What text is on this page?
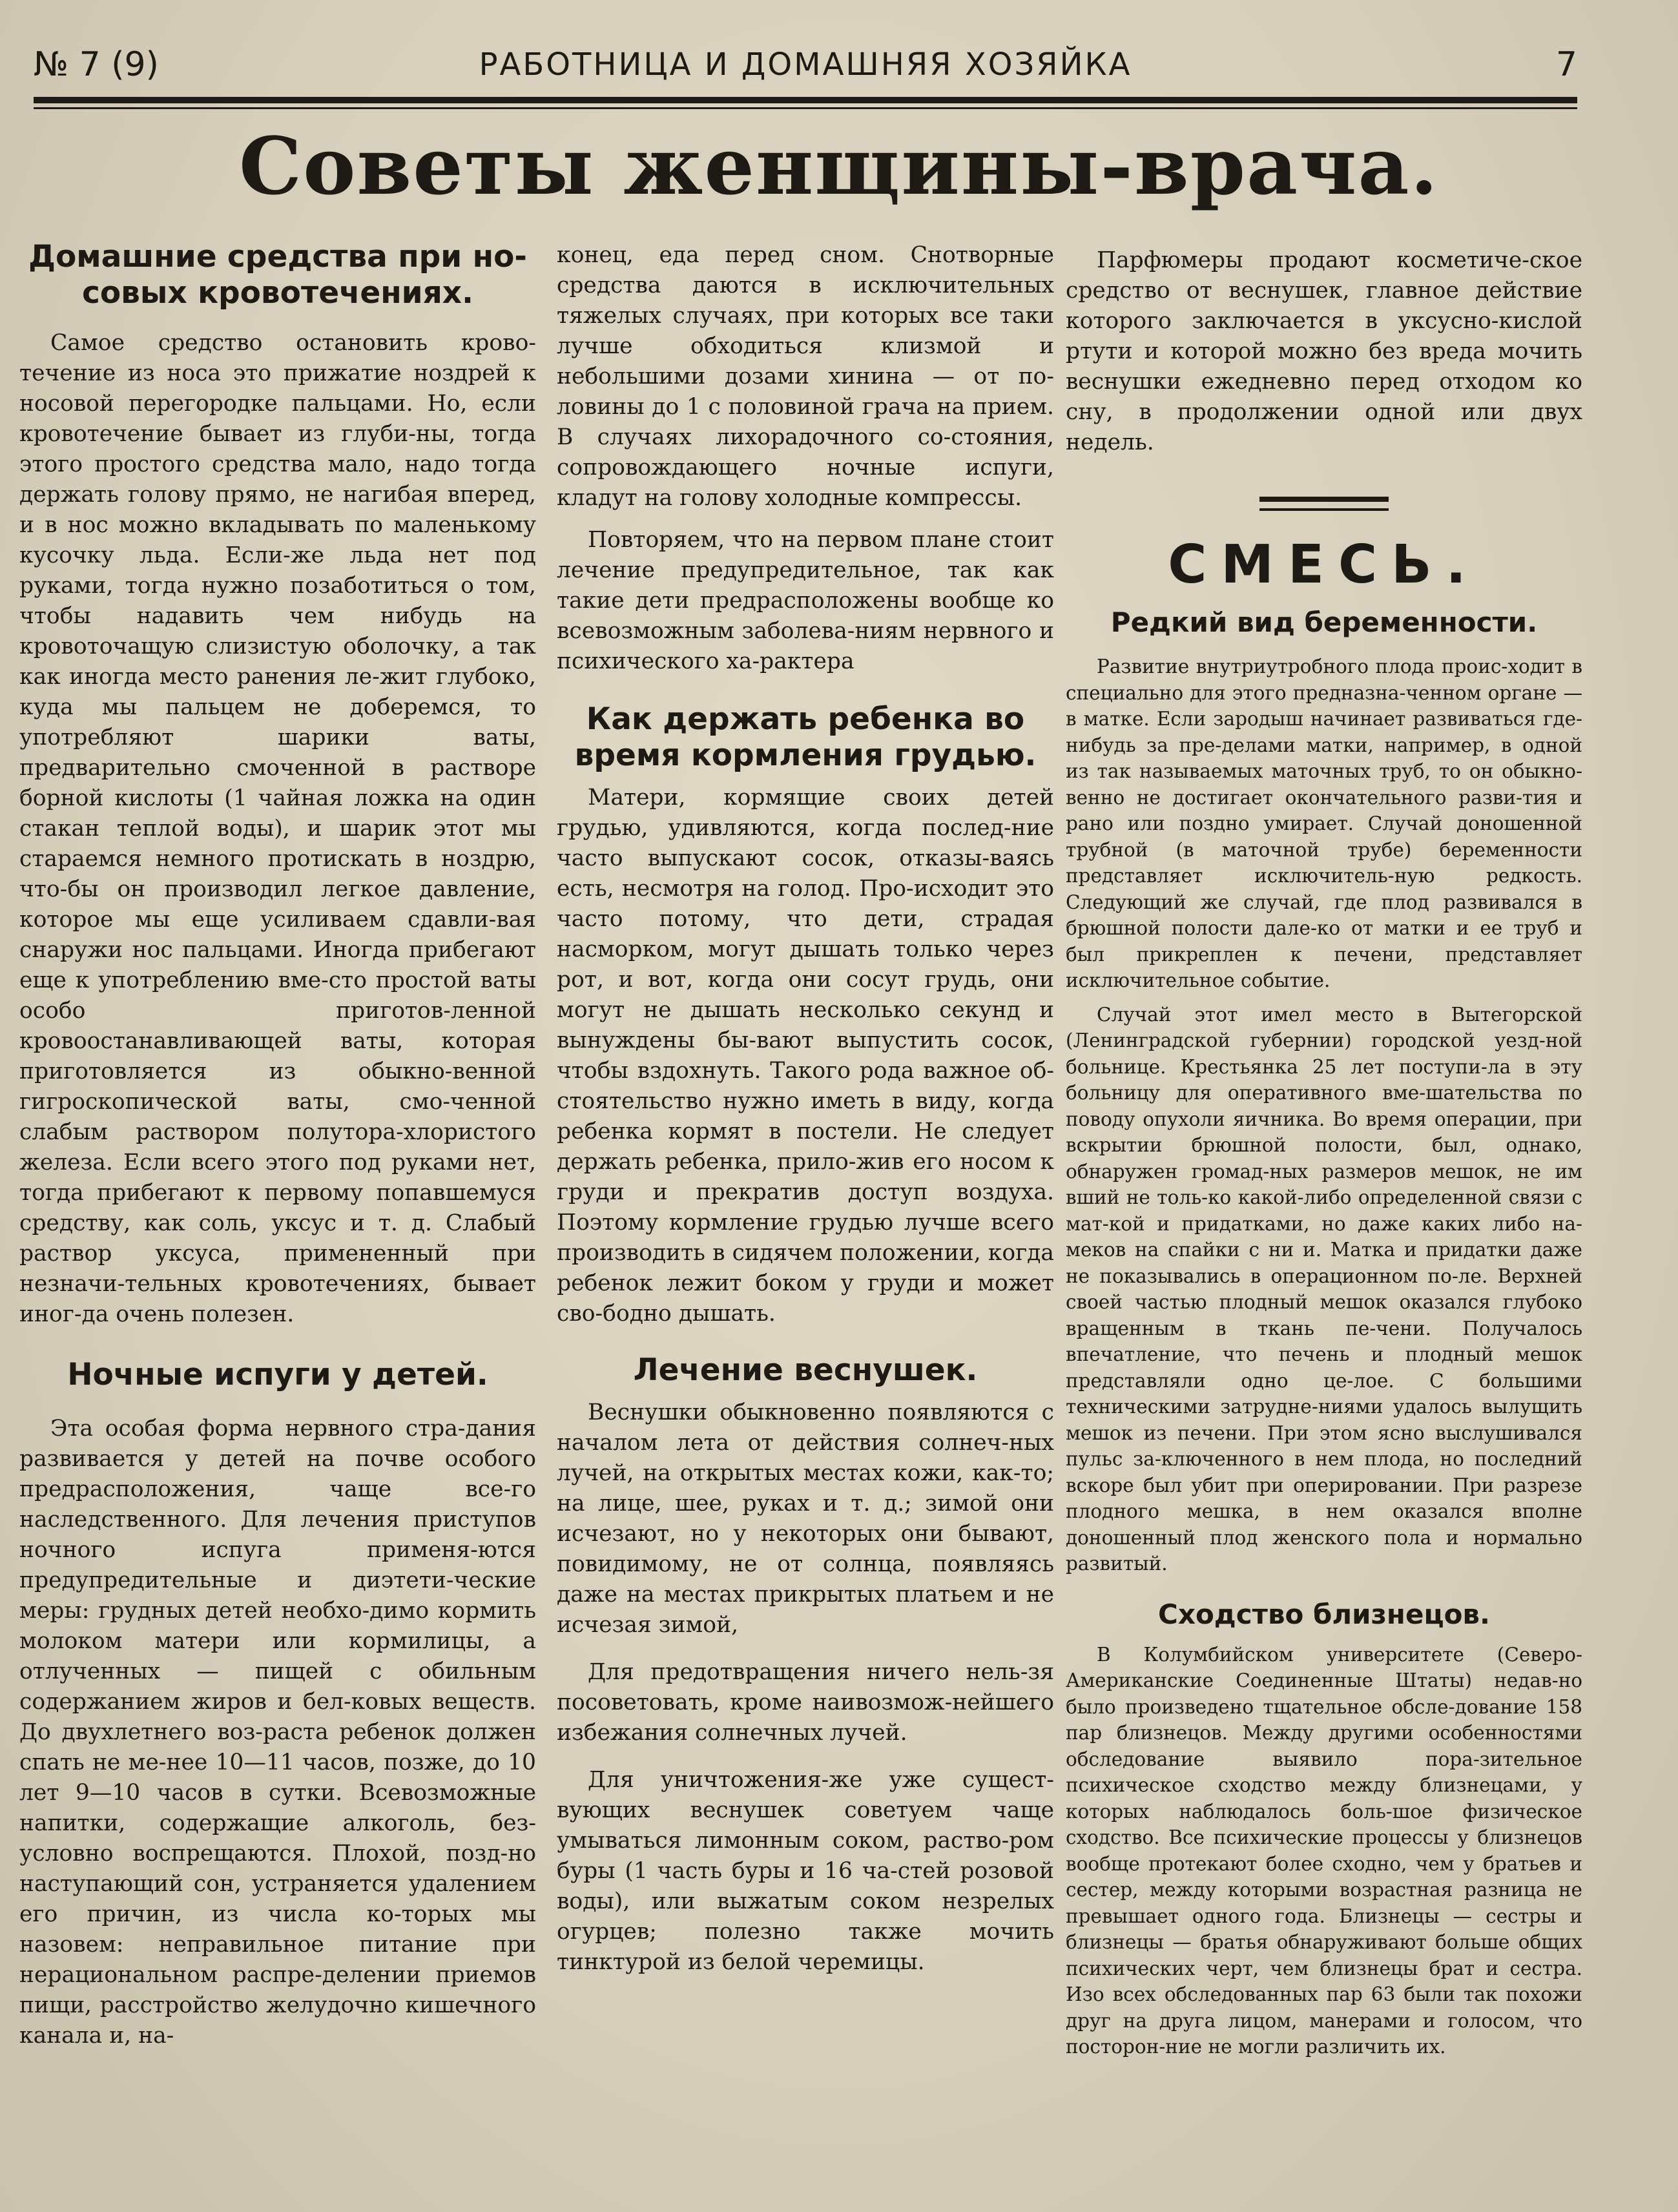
№ 7 (9)	РАБОТНИЦА И ДОМАШНЯЯ ХОЗЯЙКА	7
Советы женщины-врача.
Домашние средства при но-совых кровотечениях.

Самое средство остановить крово-течение из носа это прижатие ноздрей к носовой перегородке пальцами. Но, если кровотечение бывает из глуби-ны, тогда этого простого средства мало, надо тогда держать голову прямо, не нагибая вперед, и в нос можно вкладывать по маленькому кусочку льда. Если-же льда нет под руками, тогда нужно позаботиться о том, чтобы надавить чем нибудь на кровоточащую слизистую оболочку, а так как иногда место ранения ле-жит глубоко, куда мы пальцем не доберемся, то употребляют шарики ваты, предварительно смоченной в растворе борной кислоты (1 чайная ложка на один стакан теплой воды), и шарик этот мы стараемся немного протискать в ноздрю, что-бы он производил легкое давление, которое мы еще усиливаем сдавли-вая снаружи нос пальцами. Иногда прибегают еще к употреблению вме-сто простой ваты особо приготов-ленной кровоостанавливающей ваты, которая приготовляется из обыкно-венной гигроскопической ваты, смо-ченной слабым раствором полутора-хлористого железа. Если всего этого под руками нет, тогда прибегают к первому попавшемуся средству, как соль, уксус и т. д. Слабый раствор уксуса, примененный при незначи-тельных кровотечениях, бывает иног-да очень полезен.

Ночные испуги у детей.

Эта особая форма нервного стра-дания развивается у детей на почве особого предрасположения, чаще все-го наследственного. Для лечения приступов ночного испуга применя-ются предупредительные и диэтети-ческие меры: грудных детей необхо-димо кормить молоком матери или кормилицы, а отлученных — пищей с обильным содержанием жиров и бел-ковых веществ. До двухлетнего воз-раста ребенок должен спать не ме-нее 10—11 часов, позже, до 10 лет 9—10 часов в сутки. Всевозможные напитки, содержащие алкоголь, без-условно воспрещаются. Плохой, позд-но наступающий сон, устраняется удалением его причин, из числа ко-торых мы назовем: неправильное питание при нерациональном распре-делении приемов пищи, расстройство желудочно кишечного канала и, на-

конец, еда перед сном. Снотворные средства даются в исключительных тяжелых случаях, при которых все таки лучше обходиться клизмой и небольшими дозами хинина — от по-ловины до 1 с половиной грача на прием. В случаях лихорадочного со-стояния, сопровождающего ночные испуги, кладут на голову холодные компрессы.

Повторяем, что на первом плане стоит лечение предупредительное, так как такие дети предрасположены вообще ко всевозможным заболева-ниям нервного и психического ха-рактера

Как держать ребенка во время кормления грудью.

Матери, кормящие своих детей грудью, удивляются, когда послед-ние часто выпускают сосок, отказы-ваясь есть, несмотря на голод. Про-исходит это часто потому, что дети, страдая насморком, могут дышать только через рот, и вот, когда они сосут грудь, они могут не дышать несколько секунд и вынуждены бы-вают выпустить сосок, чтобы вздохнуть. Такого рода важное об-стоятельство нужно иметь в виду, когда ребенка кормят в постели. Не следует держать ребенка, прило-жив его носом к груди и прекратив доступ воздуха. Поэтому кормление грудью лучше всего производить в сидячем положении, когда ребенок лежит боком у груди и может сво-бодно дышать.

Лечение веснушек.

Веснушки обыкновенно появляются с началом лета от действия солнеч-ных лучей, на открытых местах кожи, как-то; на лице, шее, руках и т. д.; зимой они исчезают, но у некоторых они бывают, повидимому, не от солнца, появляясь даже на местах прикрытых платьем и не исчезая зимой,

Для предотвращения ничего нель-зя посоветовать, кроме наивозмож-нейшего избежания солнечных лучей.

Для уничтожения-же уже сущест-вующих веснушек советуем чаще умываться лимонным соком, раство-ром буры (1 часть буры и 16 ча-стей розовой воды), или выжатым соком незрелых огурцев; полезно также мочить тинктурой из белой черемицы.

Парфюмеры продают косметиче-ское средство от веснушек, главное действие которого заключается в уксусно-кислой ртути и которой можно без вреда мочить веснушки ежедневно перед отходом ко сну, в продолжении одной или двух недель.

СМЕСЬ.
Редкий вид беременности.

Развитие внутриутробного плода проис-ходит в специально для этого предназна-ченном органе — в матке. Если зародыш начинает развиваться где-нибудь за пре-делами матки, например, в одной из так называемых маточных труб, то он обыкно-венно не достигает окончательного разви-тия и рано или поздно умирает. Случай доношенной трубной (в маточной трубе) беременности представляет исключитель-ную редкость. Следующий же случай, где плод развивался в брюшной полости дале-ко от матки и ее труб и был прикреплен к печени, представляет исключительное событие.

Случай этот имел место в Вытегорской (Ленинградской губернии) городской уезд-ной больнице. Крестьянка 25 лет поступи-ла в эту больницу для оперативного вме-шательства по поводу опухоли яичника. Во время операции, при вскрытии брюшной полости, был, однако, обнаружен громад-ных размеров мешок, не им вший не толь-ко какой-либо определенной связи с мат-кой и придатками, но даже каких либо на-меков на спайки с ни и. Матка и придатки даже не показывались в операционном по-ле. Верхней своей частью плодный мешок оказался глубоко вращенным в ткань пе-чени. Получалось впечатление, что печень и плодный мешок представляли одно це-лое. С большими техническими затрудне-ниями удалось вылущить мешок из печени. При этом ясно выслушивался пульс за-ключенного в нем плода, но последний вскоре был убит при оперировании. При разрезе плодного мешка, в нем оказался вполне доношенный плод женского пола и нормально развитый.

Сходство близнецов.

В Колумбийском университете (Северо-Американские Соединенные Штаты) недав-но было произведено тщательное обсле-дование 158 пар близнецов. Между другими особенностями обследование выявило пора-зительное психическое сходство между близнецами, у которых наблюдалось боль-шое физическое сходство. Все психические процессы у близнецов вообще протекают более сходно, чем у братьев и сестер, между которыми возрастная разница не превышает одного года. Близнецы — сестры и близнецы — братья обнаруживают больше общих психических черт, чем близнецы брат и сестра. Изо всех обследованных пар 63 были так похожи друг на друга лицом, манерами и голосом, что посторон-ние не могли различить их.
